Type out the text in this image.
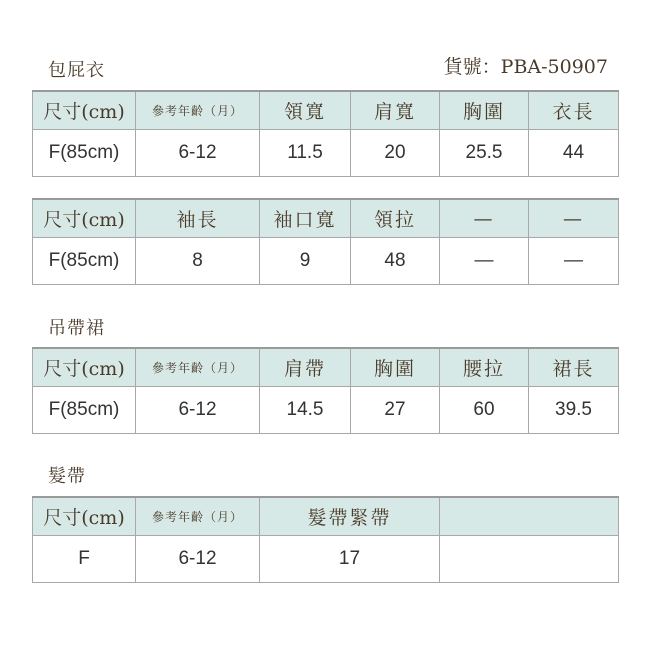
包屁衣	貨號：PBA-50907
尺寸(cm)	參考年齡（月）	領寬	肩寬	胸圍	衣長
F(85cm)	6-12	11.5	20	25.5	44
尺寸(cm)	袖長	袖口寬	領拉	—	—
F(85cm)	8	9	48	—	—
吊帶裙
尺寸(cm)	參考年齡（月）	肩帶	胸圍	腰拉	裙長
F(85cm)	6-12	14.5	27	60	39.5
髮帶
尺寸(cm)	參考年齡（月）	髮帶緊帶	
F	6-12	17	
